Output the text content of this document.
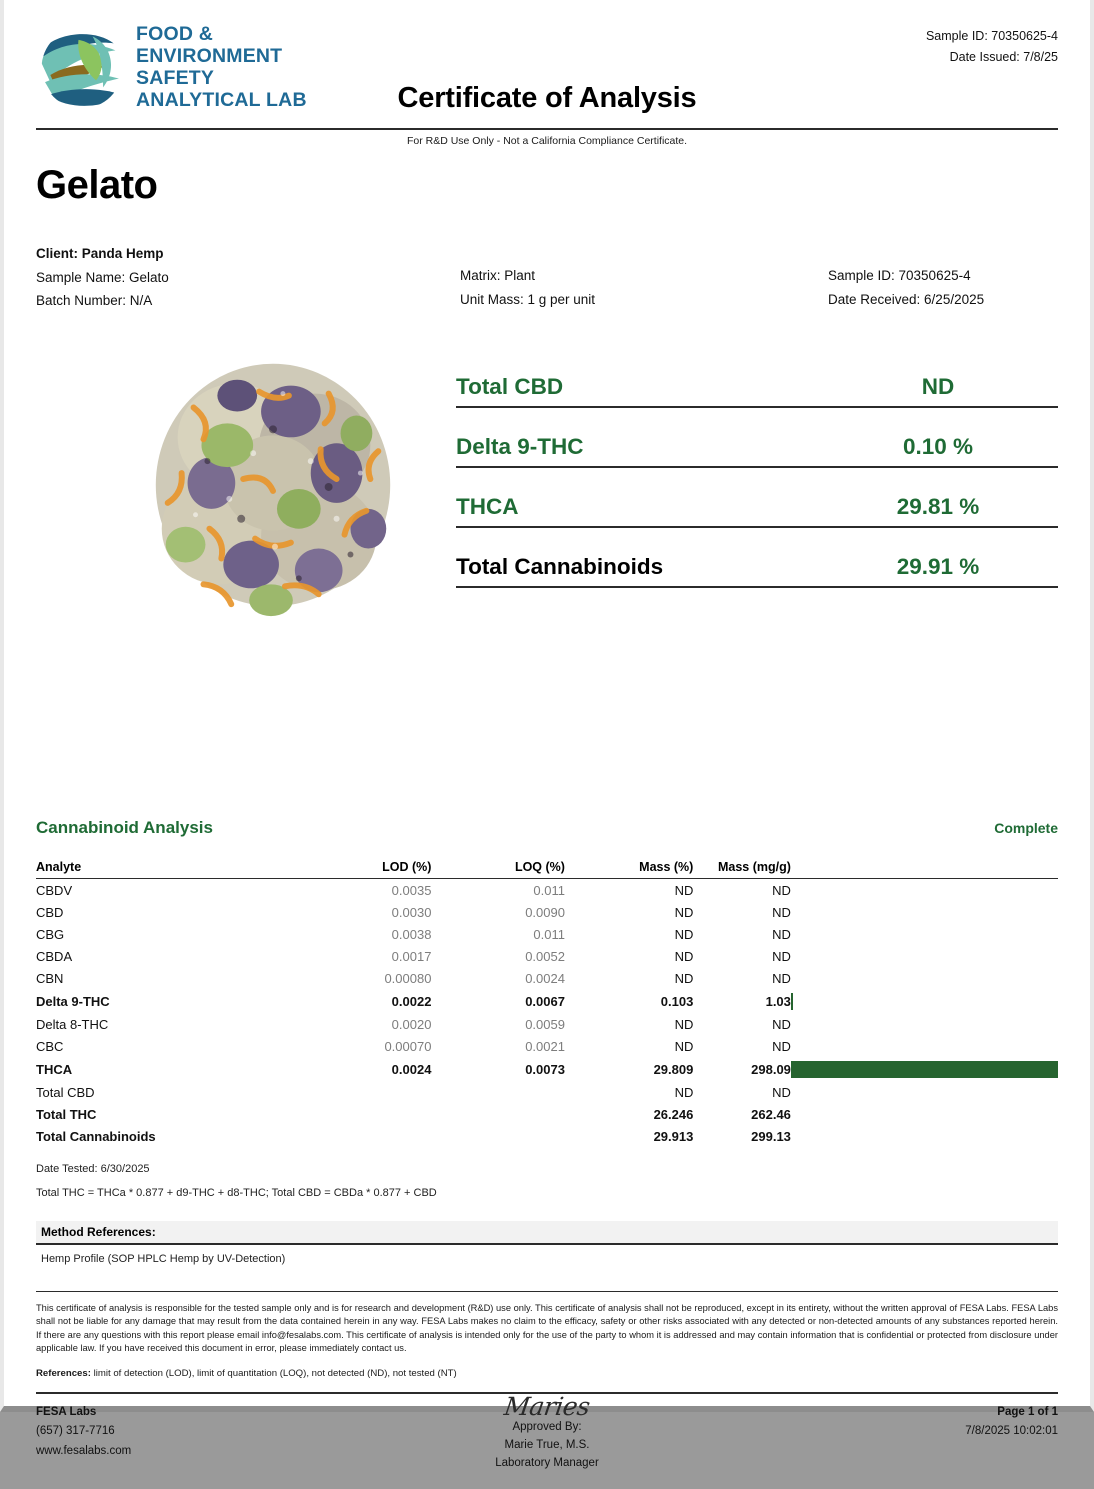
FOOD &
ENVIRONMENT
SAFETY
ANALYTICAL LAB	Certificate of Analysis
Sample ID: 70350625-4
Date Issued: 7/8/25
For R&D Use Only - Not a California Compliance Certificate.
Gelato
Client: Panda Hemp
Sample Name: Gelato
Batch Number: N/A
Matrix: Plant
Unit Mass: 1 g per unit
Sample ID: 70350625-4
Date Received: 6/25/2025
Total CBD	ND
Delta 9-THC	0.10 %
THCA	29.81 %
Total Cannabinoids	29.91 %
Cannabinoid Analysis	Complete
Analyte	LOD (%)	LOQ (%)	Mass (%)	Mass (mg/g)	
CBDV	0.0035	0.011	ND	ND	
CBD	0.0030	0.0090	ND	ND	
CBG	0.0038	0.011	ND	ND	
CBDA	0.0017	0.0052	ND	ND	
CBN	0.00080	0.0024	ND	ND	
Delta 9-THC	0.0022	0.0067	0.103	1.03	

Delta 8-THC	0.0020	0.0059	ND	ND	
CBC	0.00070	0.0021	ND	ND	
THCA	0.0024	0.0073	29.809	298.09	

Total CBD			ND	ND	
Total THC			26.246	262.46	
Total Cannabinoids			29.913	299.13	
Date Tested: 6/30/2025
Total THC = THCa * 0.877 + d9-THC + d8-THC; Total CBD = CBDa * 0.877 + CBD
Method References:
Hemp Profile (SOP HPLC Hemp by UV-Detection)
This certificate of analysis is responsible for the tested sample only and is for research and development (R&D) use only. This certificate of analysis shall not be reproduced, except in its entirety, without the written approval of FESA Labs. FESA Labs shall not be liable for any damage that may result from the data contained herein in any way. FESA Labs makes no claim to the efficacy, safety or other risks associated with any detected or non-detected amounts of any substances reported herein. If there are any questions with this report please email info@fesalabs.com. This certificate of analysis is intended only for the use of the party to whom it is addressed and may contain information that is confidential or protected from disclosure under applicable law. If you have received this document in error, please immediately contact us.
References: limit of detection (LOD), limit of quantitation (LOQ), not detected (ND), not tested (NT)
FESA Labs
(657) 317-7716
www.fesalabs.com
Maries
Approved By:
Marie True, M.S.
Laboratory Manager
Page 1 of 1
7/8/2025 10:02:01
